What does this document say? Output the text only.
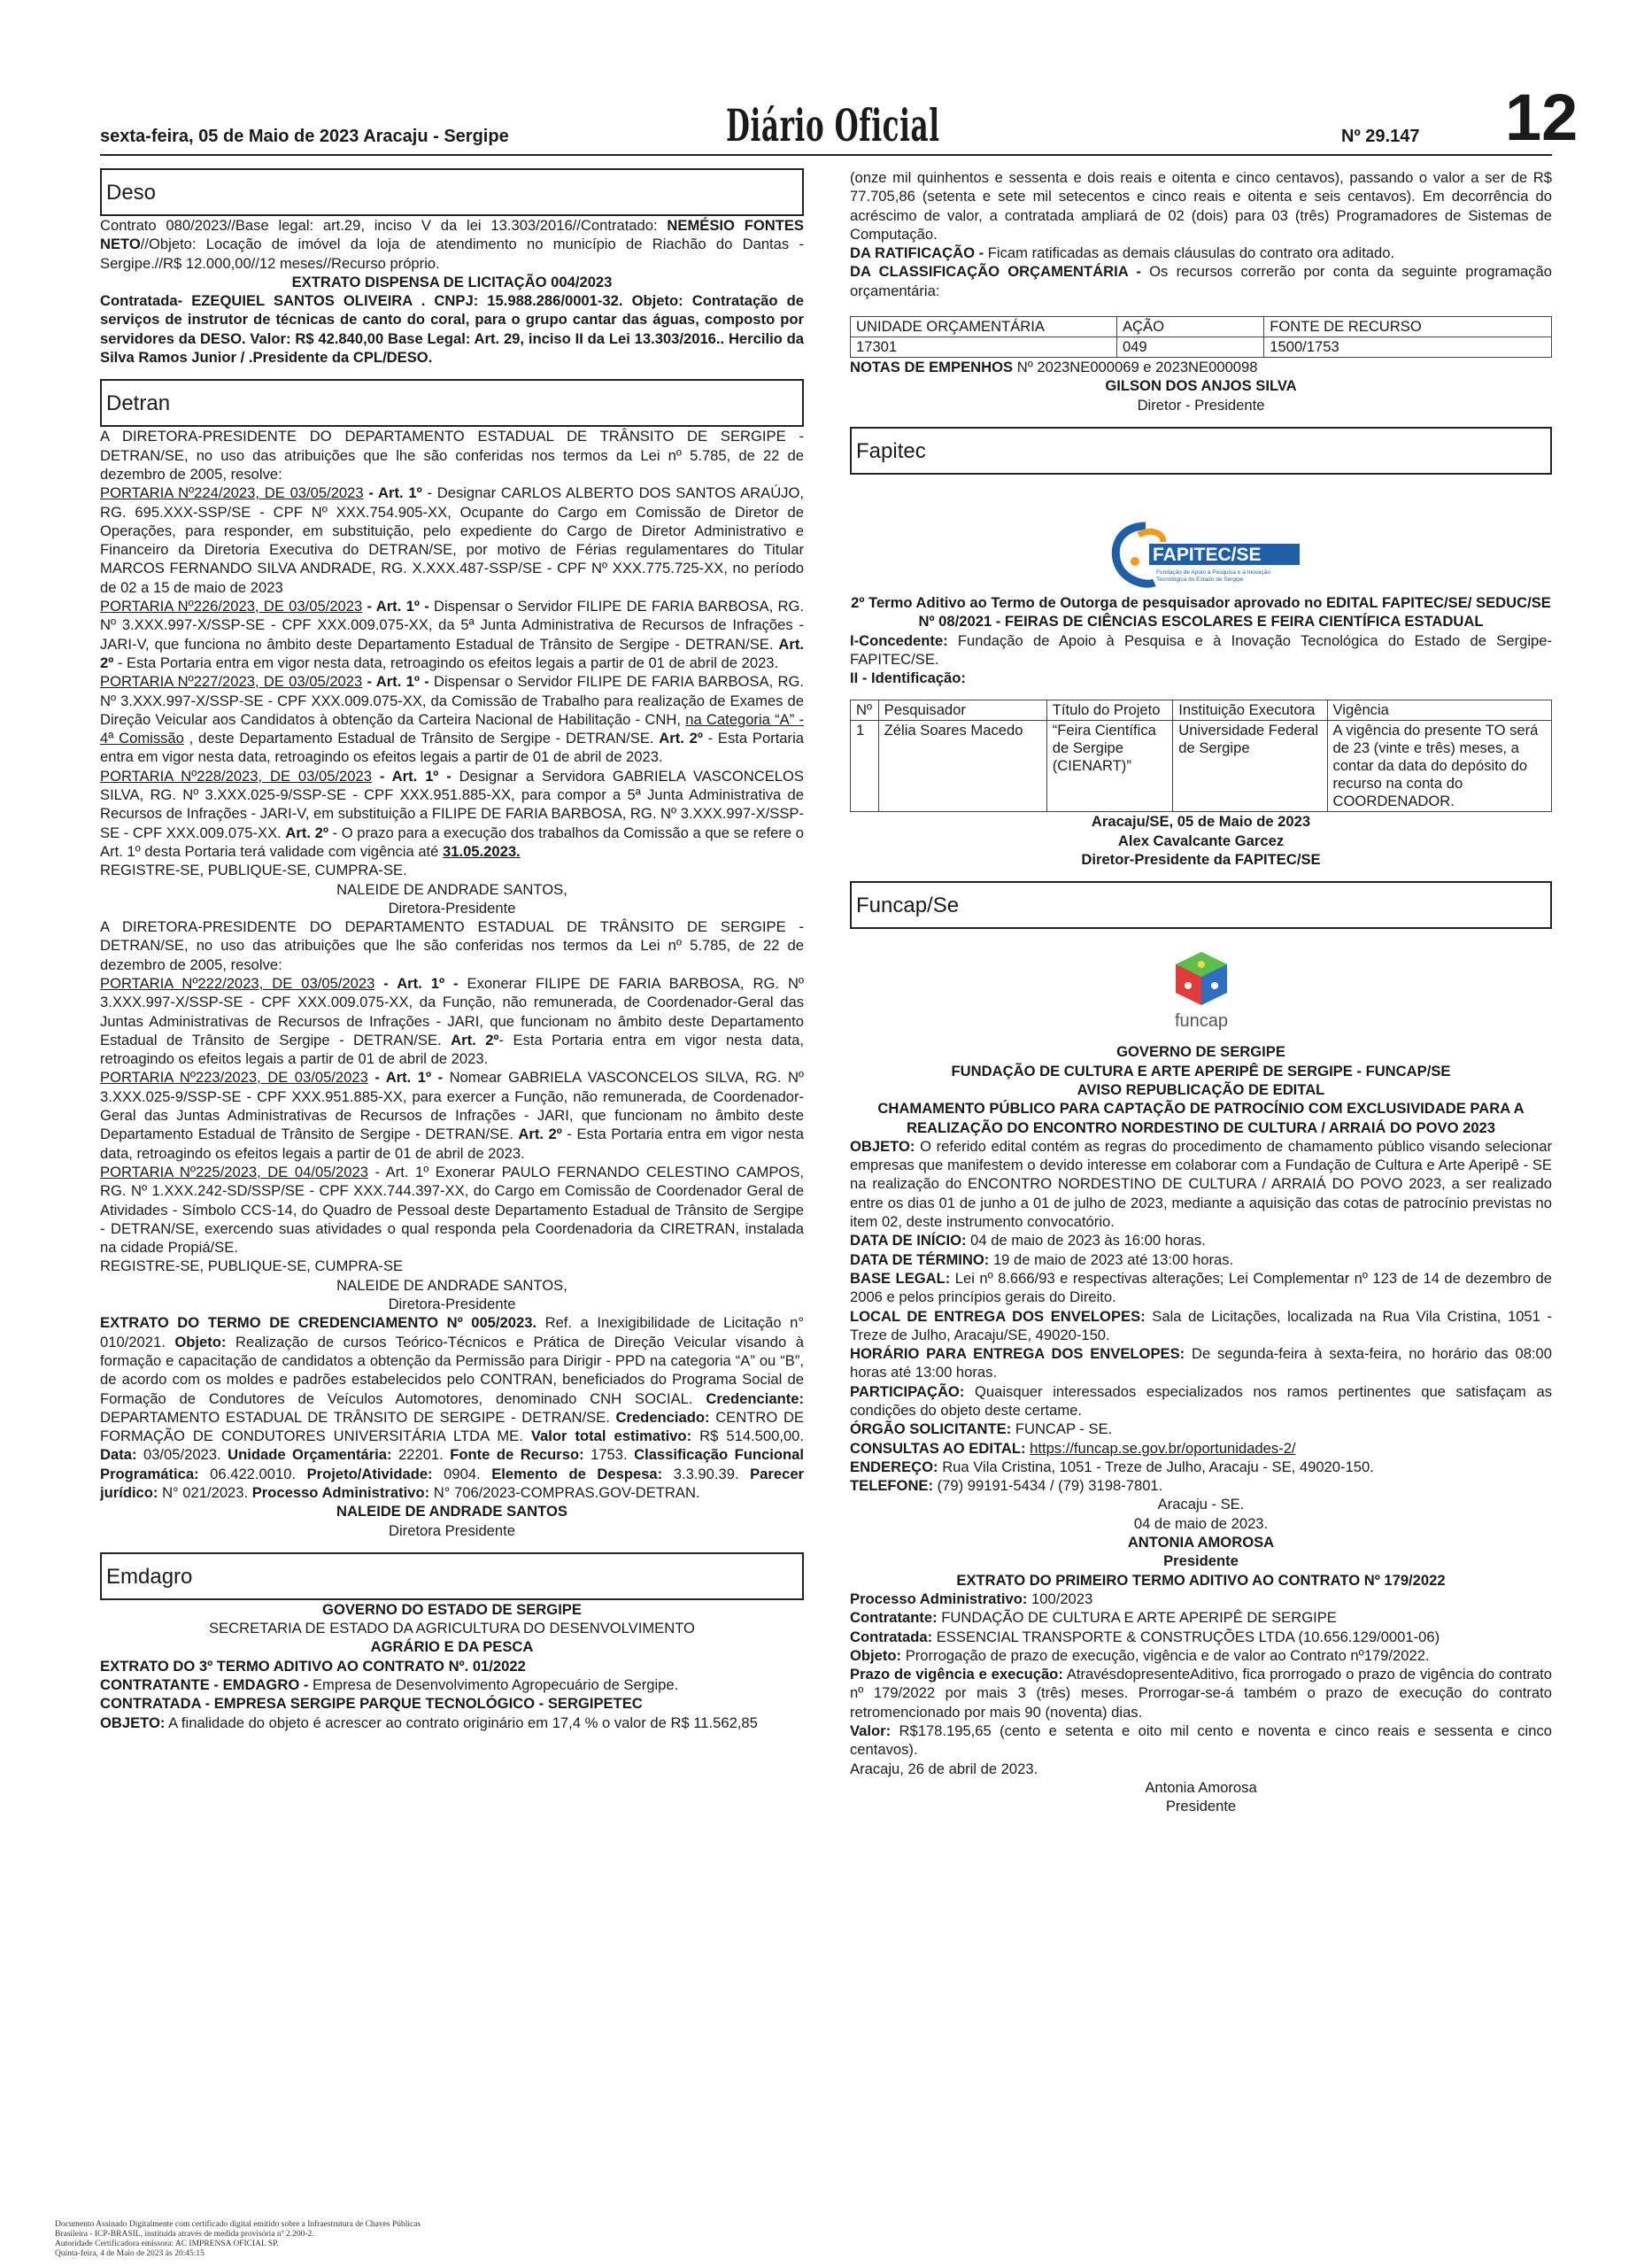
sexta-feira, 05 de Maio de 2023 Aracaju - Sergipe	Diário Oficial	Nº 29.147 12
Deso

Contrato 080/2023//Base legal: art.29, inciso V da lei 13.303/2016//Contratado: NEMÉSIO FONTES NETO//Objeto: Locação de imóvel da loja de atendimento no município de Riachão do Dantas - Sergipe.//R$ 12.000,00//12 meses//Recurso próprio.

EXTRATO DISPENSA DE LICITAÇÃO 004/2023

Contratada- EZEQUIEL SANTOS OLIVEIRA . CNPJ: 15.988.286/0001-32. Objeto: Contratação de serviços de instrutor de técnicas de canto do coral, para o grupo cantar das águas, composto por servidores da DESO. Valor: R$ 42.840,00 Base Legal: Art. 29, inciso II da Lei 13.303/2016.. Hercilio da Silva Ramos Junior / .Presidente da CPL/DESO.

Detran

A DIRETORA-PRESIDENTE DO DEPARTAMENTO ESTADUAL DE TRÂNSITO DE SERGIPE - DETRAN/SE, no uso das atribuições que lhe são conferidas nos termos da Lei nº 5.785, de 22 de dezembro de 2005, resolve:

PORTARIA Nº224/2023, DE 03/05/2023 - Art. 1º - Designar CARLOS ALBERTO DOS SANTOS ARAÚJO, RG. 695.XXX-SSP/SE - CPF Nº XXX.754.905-XX, Ocupante do Cargo em Comissão de Diretor de Operações, para responder, em substituição, pelo expediente do Cargo de Diretor Administrativo e Financeiro da Diretoria Executiva do DETRAN/SE, por motivo de Férias regulamentares do Titular MARCOS FERNANDO SILVA ANDRADE, RG. X.XXX.487-SSP/SE - CPF Nº XXX.775.725-XX, no período de 02 a 15 de maio de 2023

PORTARIA Nº226/2023, DE 03/05/2023 - Art. 1º - Dispensar o Servidor FILIPE DE FARIA BARBOSA, RG. Nº 3.XXX.997-X/SSP-SE - CPF XXX.009.075-XX, da 5ª Junta Administrativa de Recursos de Infrações - JARI-V, que funciona no âmbito deste Departamento Estadual de Trânsito de Sergipe - DETRAN/SE. Art. 2º - Esta Portaria entra em vigor nesta data, retroagindo os efeitos legais a partir de 01 de abril de 2023.

PORTARIA Nº227/2023, DE 03/05/2023 - Art. 1º - Dispensar o Servidor FILIPE DE FARIA BARBOSA, RG. Nº 3.XXX.997-X/SSP-SE - CPF XXX.009.075-XX, da Comissão de Trabalho para realização de Exames de Direção Veicular aos Candidatos à obtenção da Carteira Nacional de Habilitação - CNH, na Categoria “A” - 4ª Comissão , deste Departamento Estadual de Trânsito de Sergipe - DETRAN/SE. Art. 2º - Esta Portaria entra em vigor nesta data, retroagindo os efeitos legais a partir de 01 de abril de 2023.

PORTARIA Nº228/2023, DE 03/05/2023 - Art. 1º - Designar a Servidora GABRIELA VASCONCELOS SILVA, RG. Nº 3.XXX.025-9/SSP-SE - CPF XXX.951.885-XX, para compor a 5ª Junta Administrativa de Recursos de Infrações - JARI-V, em substituição a FILIPE DE FARIA BARBOSA, RG. Nº 3.XXX.997-X/SSP-SE - CPF XXX.009.075-XX. Art. 2º - O prazo para a execução dos trabalhos da Comissão a que se refere o Art. 1º desta Portaria terá validade com vigência até 31.05.2023.

REGISTRE-SE, PUBLIQUE-SE, CUMPRA-SE.

NALEIDE DE ANDRADE SANTOS,

Diretora-Presidente

A DIRETORA-PRESIDENTE DO DEPARTAMENTO ESTADUAL DE TRÂNSITO DE SERGIPE - DETRAN/SE, no uso das atribuições que lhe são conferidas nos termos da Lei nº 5.785, de 22 de dezembro de 2005, resolve:

PORTARIA Nº222/2023, DE 03/05/2023 - Art. 1º - Exonerar FILIPE DE FARIA BARBOSA, RG. Nº 3.XXX.997-X/SSP-SE - CPF XXX.009.075-XX, da Função, não remunerada, de Coordenador-Geral das Juntas Administrativas de Recursos de Infrações - JARI, que funcionam no âmbito deste Departamento Estadual de Trânsito de Sergipe - DETRAN/SE. Art. 2º- Esta Portaria entra em vigor nesta data, retroagindo os efeitos legais a partir de 01 de abril de 2023.

PORTARIA Nº223/2023, DE 03/05/2023 - Art. 1º - Nomear GABRIELA VASCONCELOS SILVA, RG. Nº 3.XXX.025-9/SSP-SE - CPF XXX.951.885-XX, para exercer a Função, não remunerada, de Coordenador-Geral das Juntas Administrativas de Recursos de Infrações - JARI, que funcionam no âmbito deste Departamento Estadual de Trânsito de Sergipe - DETRAN/SE. Art. 2º - Esta Portaria entra em vigor nesta data, retroagindo os efeitos legais a partir de 01 de abril de 2023.

PORTARIA Nº225/2023, DE 04/05/2023 - Art. 1º Exonerar PAULO FERNANDO CELESTINO CAMPOS, RG. Nº 1.XXX.242-SD/SSP/SE - CPF XXX.744.397-XX, do Cargo em Comissão de Coordenador Geral de Atividades - Símbolo CCS-14, do Quadro de Pessoal deste Departamento Estadual de Trânsito de Sergipe - DETRAN/SE, exercendo suas atividades o qual responda pela Coordenadoria da CIRETRAN, instalada na cidade Propiá/SE.

REGISTRE-SE, PUBLIQUE-SE, CUMPRA-SE

NALEIDE DE ANDRADE SANTOS,

Diretora-Presidente

EXTRATO DO TERMO DE CREDENCIAMENTO Nº 005/2023. Ref. a Inexigibilidade de Licitação n° 010/2021. Objeto: Realização de cursos Teórico-Técnicos e Prática de Direção Veicular visando à formação e capacitação de candidatos a obtenção da Permissão para Dirigir - PPD na categoria “A” ou “B”, de acordo com os moldes e padrões estabelecidos pelo CONTRAN, beneficiados do Programa Social de Formação de Condutores de Veículos Automotores, denominado CNH SOCIAL. Credenciante: DEPARTAMENTO ESTADUAL DE TRÂNSITO DE SERGIPE - DETRAN/SE. Credenciado: CENTRO DE FORMAÇÃO DE CONDUTORES UNIVERSITÁRIA LTDA ME. Valor total estimativo: R$ 514.500,00. Data: 03/05/2023. Unidade Orçamentária: 22201. Fonte de Recurso: 1753. Classificação Funcional Programática: 06.422.0010. Projeto/Atividade: 0904. Elemento de Despesa: 3.3.90.39. Parecer jurídico: N° 021/2023. Processo Administrativo: N° 706/2023-COMPRAS.GOV-DETRAN.

NALEIDE DE ANDRADE SANTOS

Diretora Presidente

Emdagro

GOVERNO DO ESTADO DE SERGIPE

SECRETARIA DE ESTADO DA AGRICULTURA DO DESENVOLVIMENTO

AGRÁRIO E DA PESCA

EXTRATO DO 3º TERMO ADITIVO AO CONTRATO Nº. 01/2022

CONTRATANTE - EMDAGRO - Empresa de Desenvolvimento Agropecuário de Sergipe.

CONTRATADA - EMPRESA SERGIPE PARQUE TECNOLÓGICO - SERGIPETEC

OBJETO: A finalidade do objeto é acrescer ao contrato originário em 17,4 % o valor de R$ 11.562,85

(onze mil quinhentos e sessenta e dois reais e oitenta e cinco centavos), passando o valor a ser de R$ 77.705,86 (setenta e sete mil setecentos e cinco reais e oitenta e seis centavos). Em decorrência do acréscimo de valor, a contratada ampliará de 02 (dois) para 03 (três) Programadores de Sistemas de Computação.

DA RATIFICAÇÃO - Ficam ratificadas as demais cláusulas do contrato ora aditado.

DA CLASSIFICAÇÃO ORÇAMENTÁRIA - Os recursos correrão por conta da seguinte programação orçamentária:

UNIDADE ORÇAMENTÁRIA	AÇÃO	FONTE DE RECURSO
17301	049	1500/1753

NOTAS DE EMPENHOS Nº 2023NE000069 e 2023NE000098

GILSON DOS ANJOS SILVA

Diretor - Presidente

Fapitec
FAPITEC/SE
Fundação de Apoio à Pesquisa e à Inovação
Tecnológica do Estado de Sergipe

2º Termo Aditivo ao Termo de Outorga de pesquisador aprovado no EDITAL FAPITEC/SE/ SEDUC/SE Nº 08/2021 - FEIRAS DE CIÊNCIAS ESCOLARES E FEIRA CIENTÍFICA ESTADUAL

I-Concedente: Fundação de Apoio à Pesquisa e à Inovação Tecnológica do Estado de Sergipe- FAPITEC/SE.

II - Identificação:

Nº	Pesquisador	Título do Projeto	Instituição Executora	Vigência
1	Zélia Soares Macedo	“Feira Científica de Sergipe (CIENART)”	Universidade Federal de Sergipe	A vigência do presente TO será de 23 (vinte e três) meses, a contar da data do depósito do recurso na conta do COORDENADOR.

Aracaju/SE, 05 de Maio de 2023

Alex Cavalcante Garcez

Diretor-Presidente da FAPITEC/SE

Funcap/Se
funcap

GOVERNO DE SERGIPE

FUNDAÇÃO DE CULTURA E ARTE APERIPÊ DE SERGIPE - FUNCAP/SE

AVISO REPUBLICAÇÃO DE EDITAL

CHAMAMENTO PÚBLICO PARA CAPTAÇÃO DE PATROCÍNIO COM EXCLUSIVIDADE PARA A REALIZAÇÃO DO ENCONTRO NORDESTINO DE CULTURA / ARRAIÁ DO POVO 2023

OBJETO: O referido edital contém as regras do procedimento de chamamento público visando selecionar empresas que manifestem o devido interesse em colaborar com a Fundação de Cultura e Arte Aperipê - SE na realização do ENCONTRO NORDESTINO DE CULTURA / ARRAIÁ DO POVO 2023, a ser realizado entre os dias 01 de junho a 01 de julho de 2023, mediante a aquisição das cotas de patrocínio previstas no item 02, deste instrumento convocatório.

DATA DE INÍCIO: 04 de maio de 2023 às 16:00 horas.

DATA DE TÉRMINO: 19 de maio de 2023 até 13:00 horas.

BASE LEGAL: Lei nº 8.666/93 e respectivas alterações; Lei Complementar nº 123 de 14 de dezembro de 2006 e pelos princípios gerais do Direito.

LOCAL DE ENTREGA DOS ENVELOPES: Sala de Licitações, localizada na Rua Vila Cristina, 1051 - Treze de Julho, Aracaju/SE, 49020-150.

HORÁRIO PARA ENTREGA DOS ENVELOPES: De segunda-feira à sexta-feira, no horário das 08:00 horas até 13:00 horas.

PARTICIPAÇÃO: Quaisquer interessados especializados nos ramos pertinentes que satisfaçam as condições do objeto deste certame.

ÓRGÃO SOLICITANTE: FUNCAP - SE.

CONSULTAS AO EDITAL: https://funcap.se.gov.br/oportunidades-2/

ENDEREÇO: Rua Vila Cristina, 1051 - Treze de Julho, Aracaju - SE, 49020-150.

TELEFONE: (79) 99191-5434 / (79) 3198-7801.

Aracaju - SE.

04 de maio de 2023.

ANTONIA AMOROSA

Presidente

EXTRATO DO PRIMEIRO TERMO ADITIVO AO CONTRATO Nº 179/2022

Processo Administrativo: 100/2023

Contratante: FUNDAÇÃO DE CULTURA E ARTE APERIPÊ DE SERGIPE

Contratada: ESSENCIAL TRANSPORTE & CONSTRUÇÕES LTDA (10.656.129/0001-06)

Objeto: Prorrogação de prazo de execução, vigência e de valor ao Contrato nº179/2022.

Prazo de vigência e execução: AtravésdopresenteAditivo, fica prorrogado o prazo de vigência do contrato nº 179/2022 por mais 3 (três) meses. Prorrogar-se-á também o prazo de execução do contrato retromencionado por mais 90 (noventa) dias.

Valor: R$178.195,65 (cento e setenta e oito mil cento e noventa e cinco reais e sessenta e cinco centavos).

Aracaju, 26 de abril de 2023.

Antonia Amorosa

Presidente

Documento Assinado Digitalmente com certificado digital emitido sobre a Infraestrutura de Chaves Públicas
Brasileira - ICP-BRASIL, instituída através de medida provisória nº 2.200-2.
Autoridade Certificadora emissora: AC IMPRENSA OFICIAL SP.
Quinta-feira, 4 de Maio de 2023 às 20:45:15
